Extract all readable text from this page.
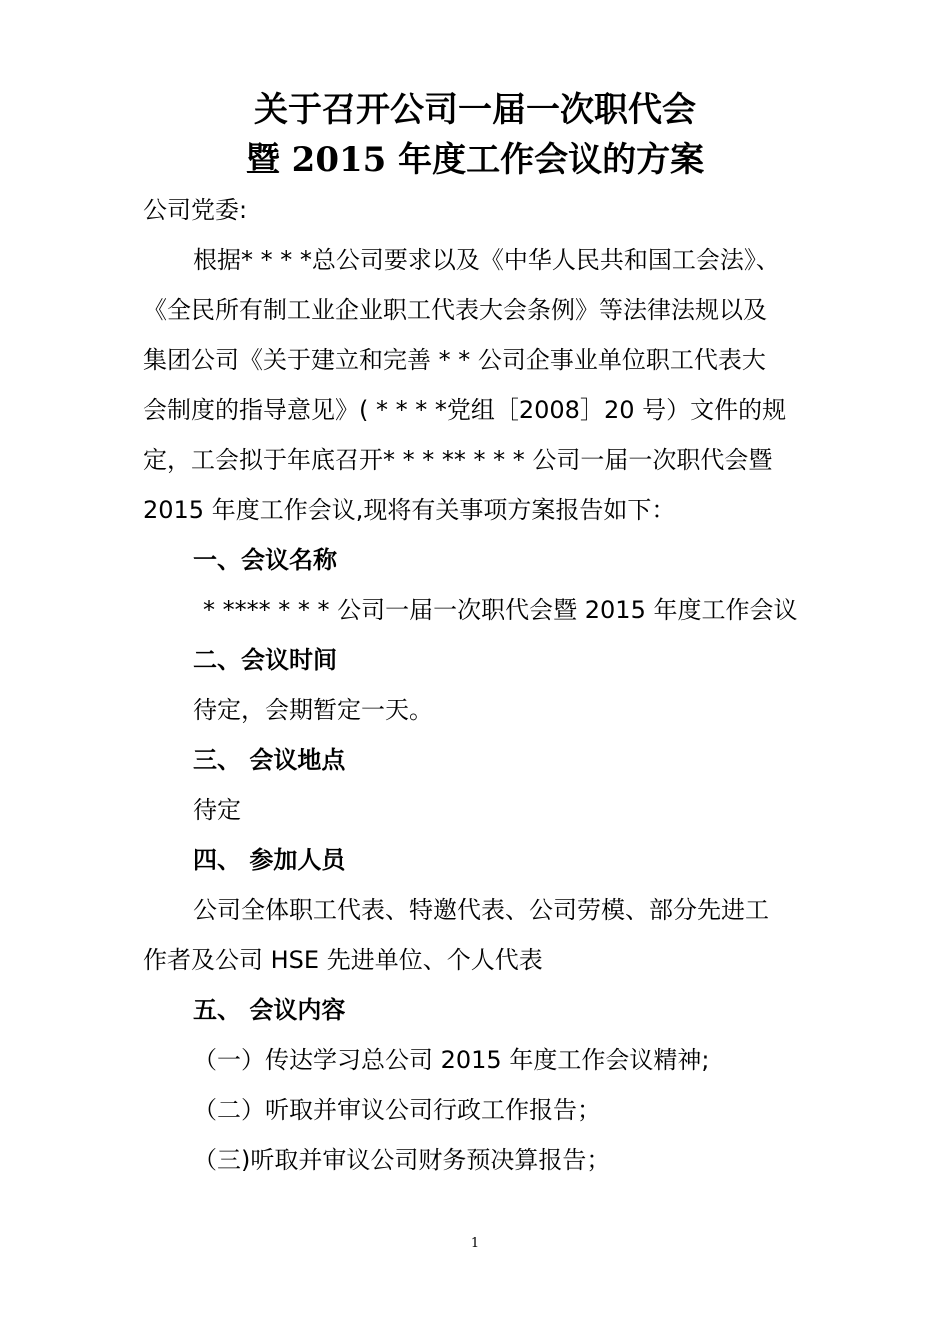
关于召开公司一届一次职代会
暨 2015 年度工作会议的方案
公司党委:
根据* * * *总公司要求以及《中华人民共和国工会法》、
《全民所有制工业企业职工代表大会条例》等法律法规以及
集团公司《关于建立和完善 * * 公司企事业单位职工代表大
会制度的指导意见》( * * * *党组［2008］20 号）文件的规
定，工会拟于年底召开* * * ** * * * 公司一届一次职代会暨
2015 年度工作会议,现将有关事项方案报告如下：
一、会议名称
* **** * * * 公司一届一次职代会暨 2015 年度工作会议
二、会议时间
待定，会期暂定一天。
三、 会议地点
待定
四、 参加人员
公司全体职工代表、特邀代表、公司劳模、部分先进工
作者及公司 HSE 先进单位、个人代表
五、 会议内容
（一）传达学习总公司 2015 年度工作会议精神;
（二）听取并审议公司行政工作报告；
（三)听取并审议公司财务预决算报告；
1
